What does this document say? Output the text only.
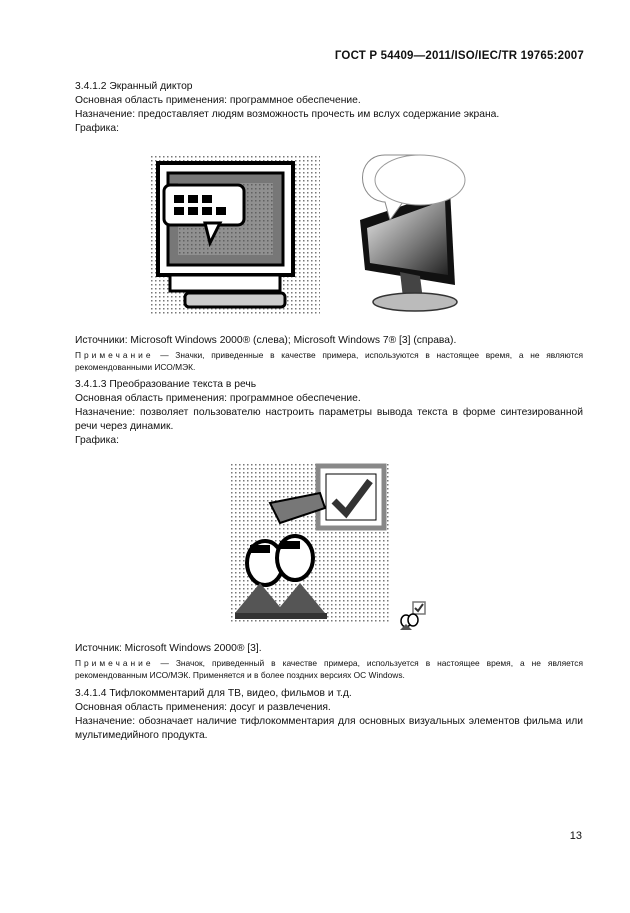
ГОСТ Р 54409—2011/ISO/IEC/TR 19765:2007

3.4.1.2 Экранный диктор

Основная область применения: программное обеспечение.

Назначение: предоставляет людям возможность прочесть им вслух содержание экрана.

Графика:

Источники: Microsoft Windows 2000® (слева); Microsoft Windows 7® [3] (справа).

Примечание — Значки, приведенные в качестве примера, используются в настоящее время, а не являются рекомендованными ИСО/МЭК.

3.4.1.3 Преобразование текста в речь

Основная область применения: программное обеспечение.

Назначение: позволяет пользователю настроить параметры вывода текста в форме синтезированной речи через динамик.

Графика:

Источник: Microsoft Windows 2000® [3].

Примечание — Значок, приведенный в качестве примера, используется в настоящее время, а не является рекомендованным ИСО/МЭК. Применяется и в более поздних версиях ОС Windows.

3.4.1.4 Тифлокомментарий для ТВ, видео, фильмов и т.д.

Основная область применения: досуг и развлечения.

Назначение: обозначает наличие тифлокомментария для основных визуальных элементов фильма или мультимедийного продукта.

13
